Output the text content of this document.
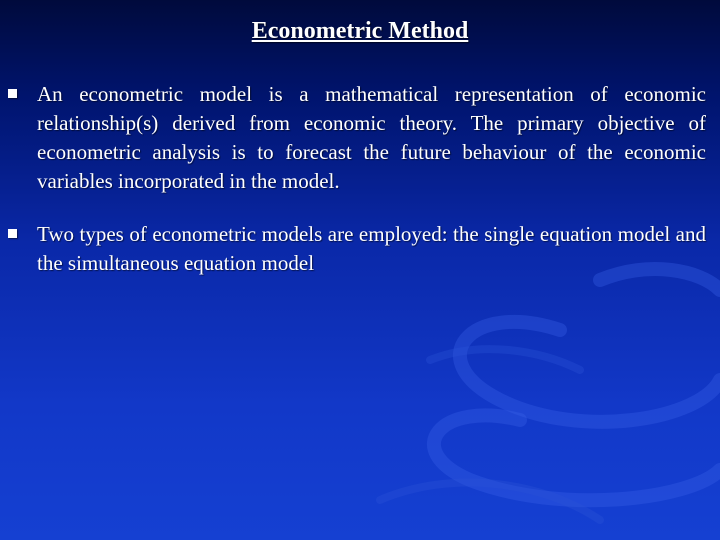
Econometric Method
An econometric model is a mathematical representation of economic relationship(s) derived from economic theory. The primary objective of econometric analysis is to forecast the future behaviour of the economic variables incorporated in the model.
Two types of econometric models are employed: the single equation model and the simultaneous equation model
